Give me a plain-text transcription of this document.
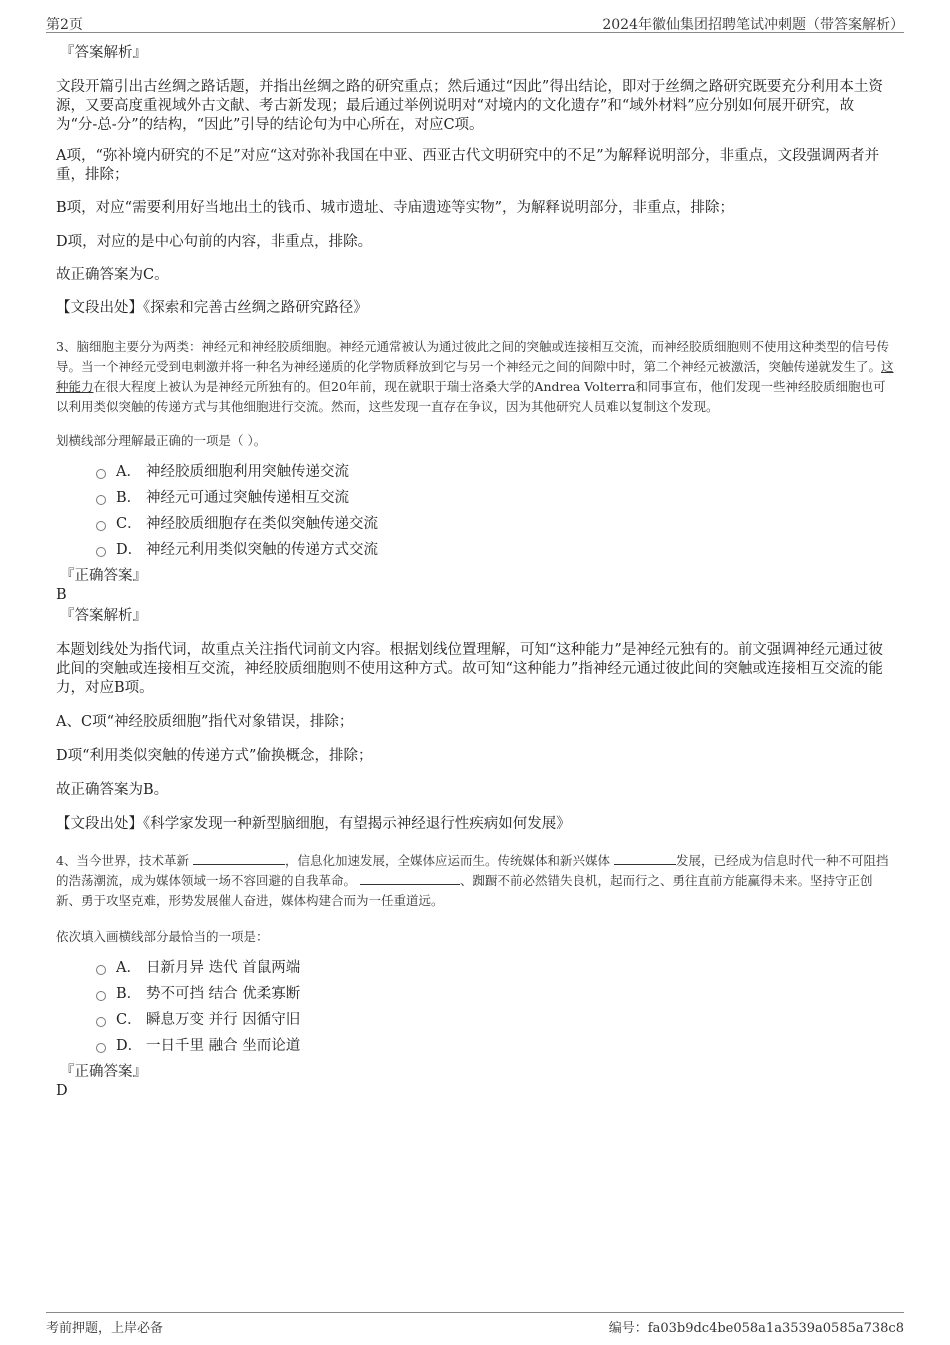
第2页	2024年徽仙集团招聘笔试冲刺题（带答案解析）

『答案解析』

文段开篇引出古丝绸之路话题，并指出丝绸之路的研究重点；然后通过“因此”得出结论，即对于丝绸之路研究既要充分利用本土资源，又要高度重视域外古文献、考古新发现；最后通过举例说明对“对境内的文化遗存”和“域外材料”应分别如何展开研究，故为“分-总-分”的结构，“因此”引导的结论句为中心所在，对应C项。

A项，“弥补境内研究的不足”对应“这对弥补我国在中亚、西亚古代文明研究中的不足”为解释说明部分，非重点，文段强调两者并重，排除；

B项，对应“需要利用好当地出土的钱币、城市遗址、寺庙遗迹等实物”，为解释说明部分，非重点，排除；

D项，对应的是中心句前的内容，非重点，排除。

故正确答案为C。

【文段出处】《探索和完善古丝绸之路研究路径》

3、脑细胞主要分为两类：神经元和神经胶质细胞。神经元通常被认为通过彼此之间的突触或连接相互交流，而神经胶质细胞则不使用这种类型的信号传导。当一个神经元受到电刺激并将一种名为神经递质的化学物质释放到它与另一个神经元之间的间隙中时，第二个神经元被激活，突触传递就发生了。这种能力在很大程度上被认为是神经元所独有的。但20年前，现在就职于瑞士洛桑大学的Andrea Volterra和同事宣布，他们发现一些神经胶质细胞也可以利用类似突触的传递方式与其他细胞进行交流。然而，这些发现一直存在争议，因为其他研究人员难以复制这个发现。

划横线部分理解最正确的一项是（ ）。

A． 神经胶质细胞利用突触传递交流
B． 神经元可通过突触传递相互交流
C． 神经胶质细胞存在类似突触传递交流
D． 神经元利用类似突触的传递方式交流

『正确答案』

B

『答案解析』

本题划线处为指代词，故重点关注指代词前文内容。根据划线位置理解，可知“这种能力”是神经元独有的。前文强调神经元通过彼此间的突触或连接相互交流，神经胶质细胞则不使用这种方式。故可知“这种能力”指神经元通过彼此间的突触或连接相互交流的能力，对应B项。

A、C项“神经胶质细胞”指代对象错误，排除；

D项“利用类似突触的传递方式”偷换概念，排除；

故正确答案为B。

【文段出处】《科学家发现一种新型脑细胞，有望揭示神经退行性疾病如何发展》

4、当今世界，技术革新	，信息化加速发展，全媒体应运而生。传统媒体和新兴媒体	发展，已经成为信息时代一种不可阻挡的浩荡潮流，成为媒体领域一场不容回避的自我革命。	、踟蹰不前必然错失良机，起而行之、勇往直前方能赢得未来。坚持守正创新、勇于攻坚克难，形势发展催人奋进，媒体构建合而为一任重道远。

依次填入画横线部分最恰当的一项是：

A． 日新月异 迭代 首鼠两端
B． 势不可挡 结合 优柔寡断
C． 瞬息万变 并行 因循守旧
D． 一日千里 融合 坐而论道

『正确答案』

D

考前押题，上岸必备	编号：fa03b9dc4be058a1a3539a0585a738c8
